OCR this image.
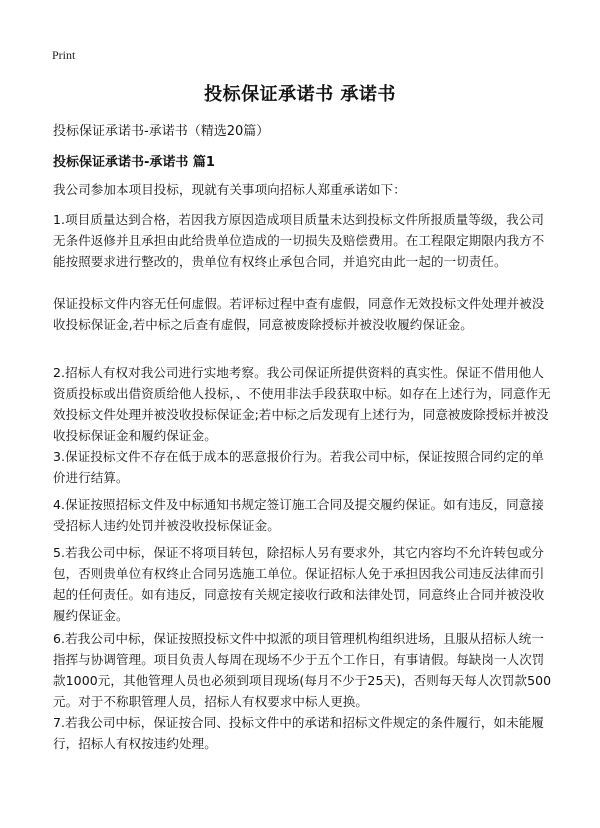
Print
投标保证承诺书 承诺书

投标保证承诺书-承诺书（精选20篇）

投标保证承诺书-承诺书 篇1

我公司参加本项目投标，现就有关事项向招标人郑重承诺如下：

1.项目质量达到合格，若因我方原因造成项目质量未达到投标文件所报质量等级，我公司无条件返修并且承担由此给贵单位造成的一切损失及赔偿费用。在工程限定期限内我方不能按照要求进行整改的，贵单位有权终止承包合同，并追究由此一起的一切责任。

保证投标文件内容无任何虚假。若评标过程中查有虚假，同意作无效投标文件处理并被没收投标保证金,若中标之后查有虚假，同意被废除授标并被没收履约保证金。

2.招标人有权对我公司进行实地考察。我公司保证所提供资料的真实性。保证不借用他人资质投标或出借资质给他人投标，、不使用非法手段获取中标。如存在上述行为，同意作无效投标文件处理并被没收投标保证金;若中标之后发现有上述行为，同意被废除授标并被没收投标保证金和履约保证金。

3.保证投标文件不存在低于成本的恶意报价行为。若我公司中标，保证按照合同约定的单价进行结算。

4.保证按照招标文件及中标通知书规定签订施工合同及提交履约保证。如有违反，同意接受招标人违约处罚并被没收投标保证金。

5.若我公司中标，保证不将项目转包，除招标人另有要求外，其它内容均不允许转包或分包，否则贵单位有权终止合同另选施工单位。保证招标人免于承担因我公司违反法律而引起的任何责任。如有违反，同意按有关规定接收行政和法律处罚，同意终止合同并被没收履约保证金。

6.若我公司中标，保证按照投标文件中拟派的项目管理机构组织进场，且服从招标人统一指挥与协调管理。项目负责人每周在现场不少于五个工作日，有事请假。每缺岗一人次罚款1000元，其他管理人员也必须到项目现场(每月不少于25天)，否则每天每人次罚款500元。对于不称职管理人员，招标人有权要求中标人更换。

7.若我公司中标，保证按合同、投标文件中的承诺和招标文件规定的条件履行，如未能履行，招标人有权按违约处理。
